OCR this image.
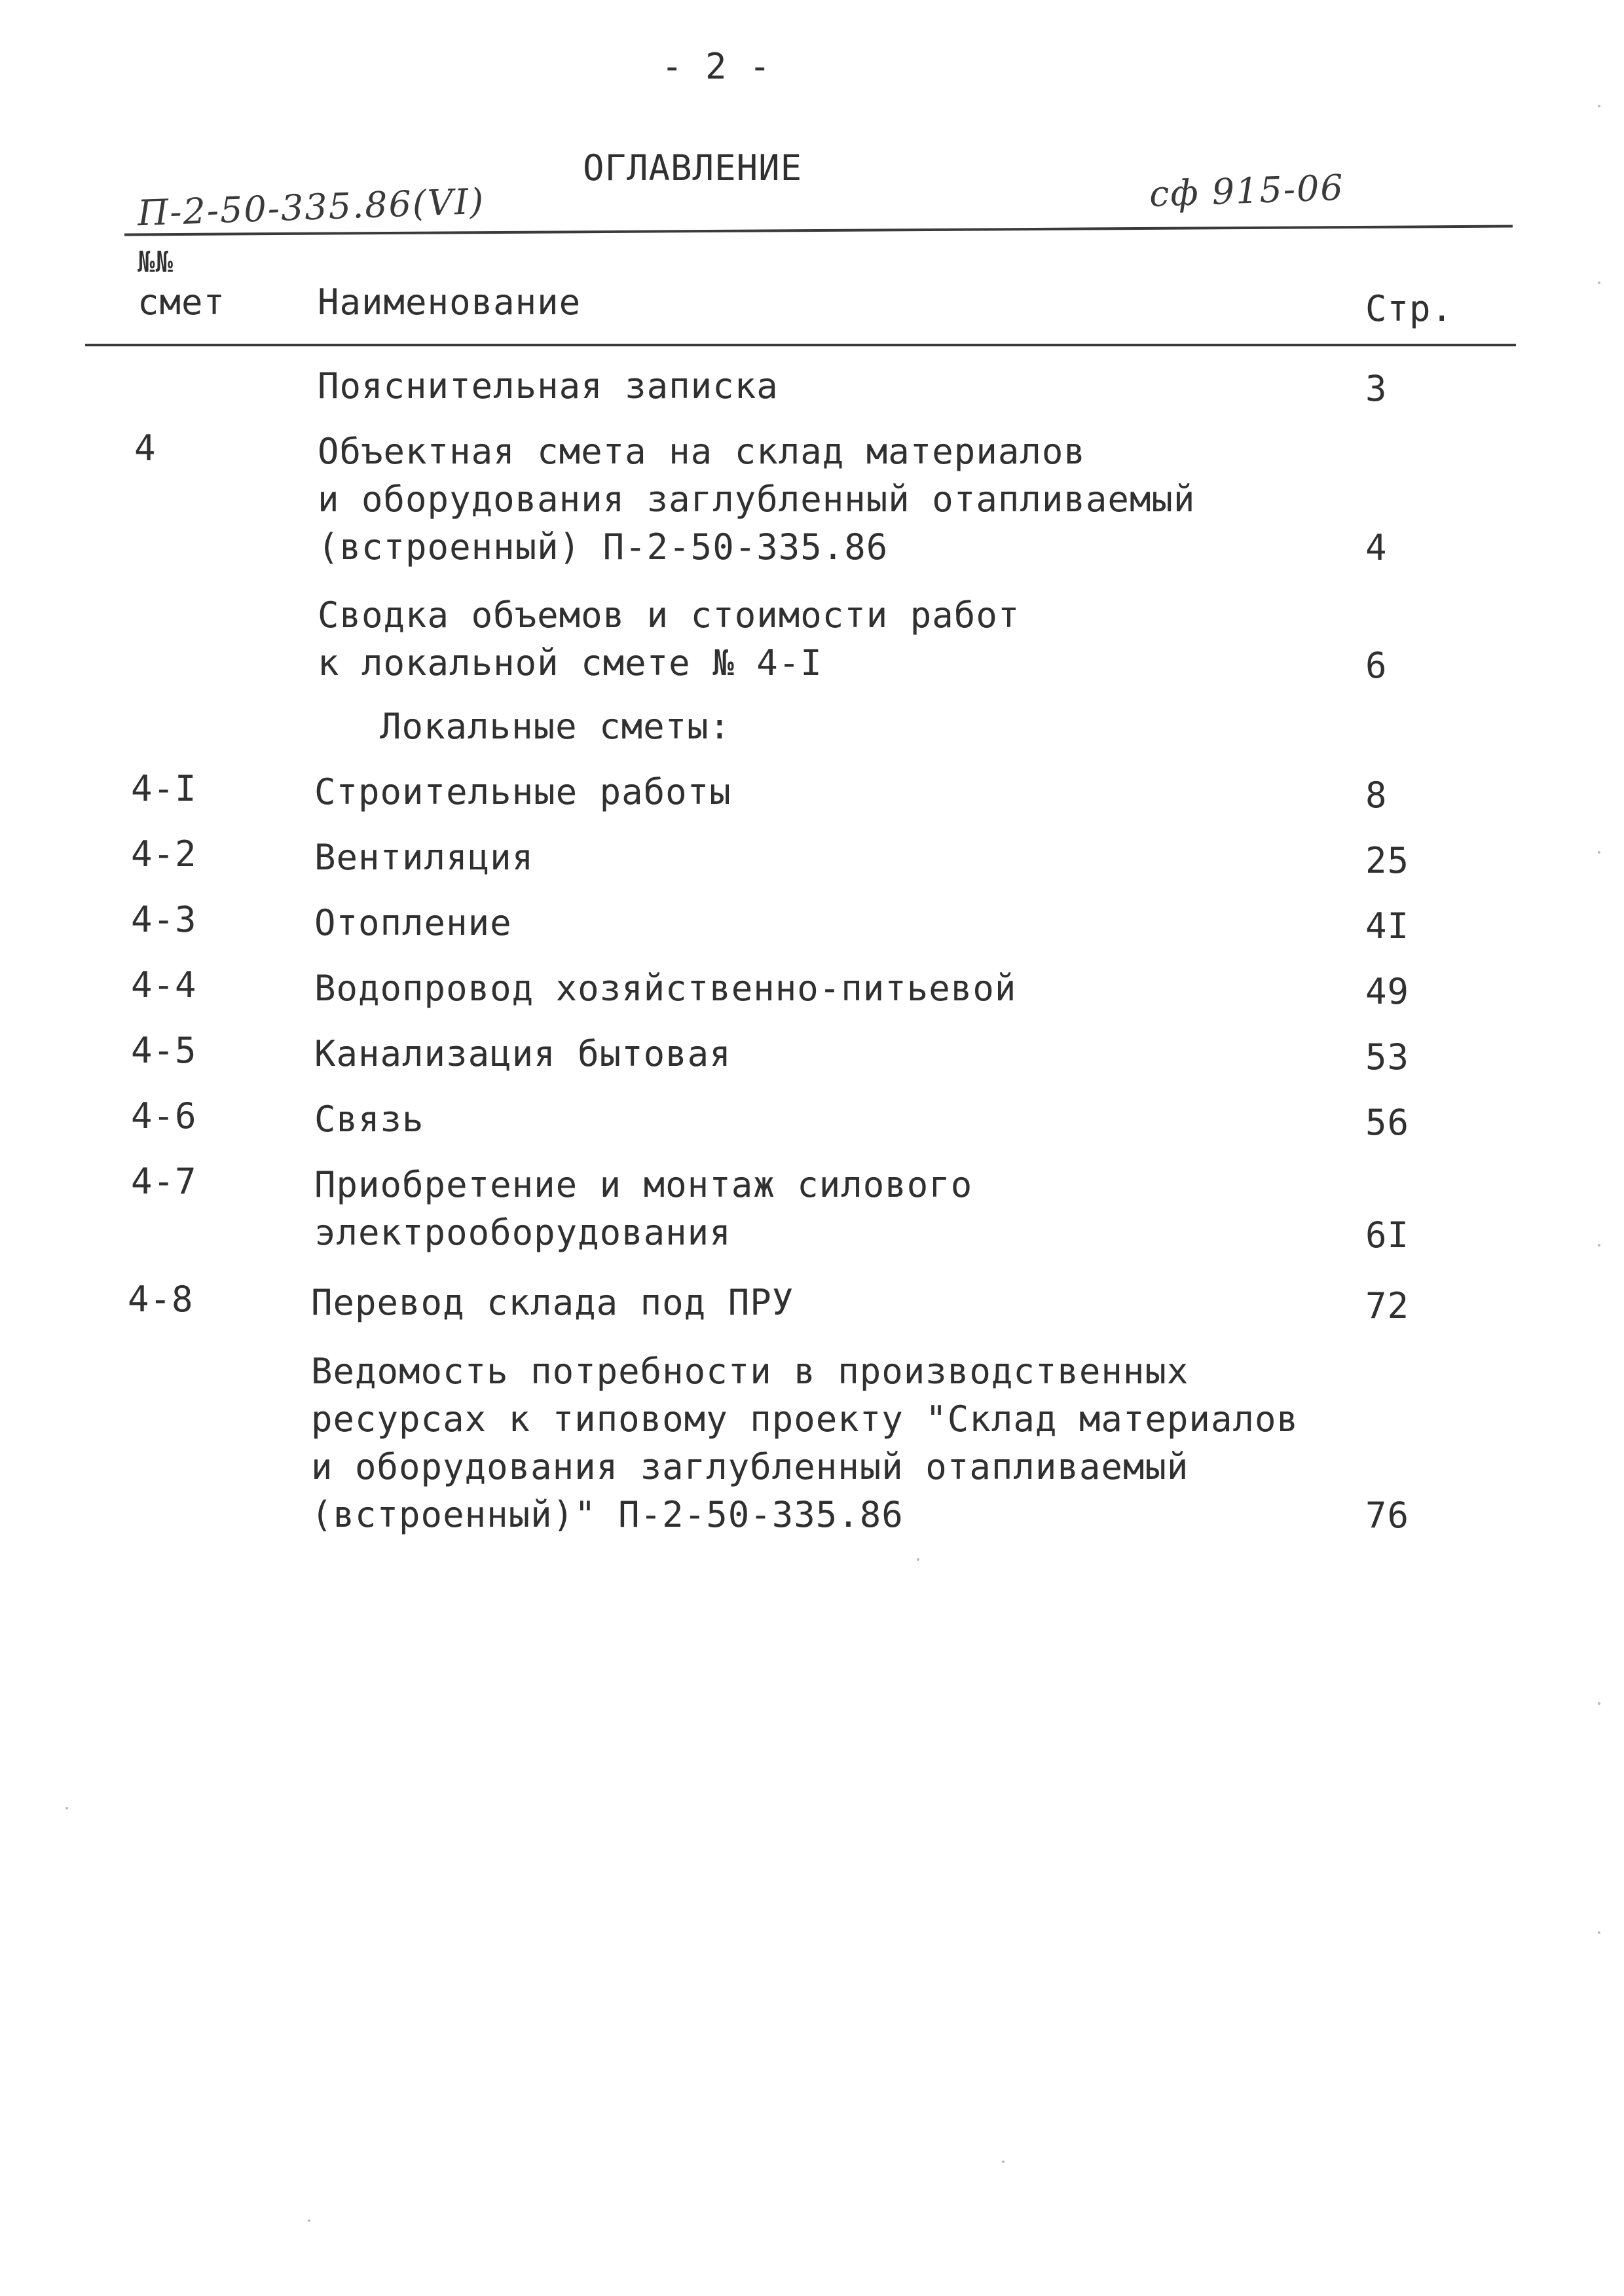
- 2 -
ОГЛАВЛЕНИЕ
П-2-50-335.86(VI)	сф 915-06
№№
смет	Наименование	Стр.
Пояснительная записка	3
4	Объектная смета на склад материалов
и оборудования заглубленный отапливаемый
(встроенный) П-2-50-335.86	4
Сводка объемов и стоимости работ
к локальной смете № 4-I	6
Локальные сметы:
4-I	Строительные работы	8
4-2	Вентиляция	25
4-3	Отопление	4I
4-4	Водопровод хозяйственно-питьевой	49
4-5	Канализация бытовая	53
4-6	Связь	56
4-7	Приобретение и монтаж силового
электрооборудования	6I
4-8	Перевод склада под ПРУ	72
Ведомость потребности в производственных
ресурсах к типовому проекту "Склад материалов
и оборудования заглубленный отапливаемый
(встроенный)" П-2-50-335.86	76
